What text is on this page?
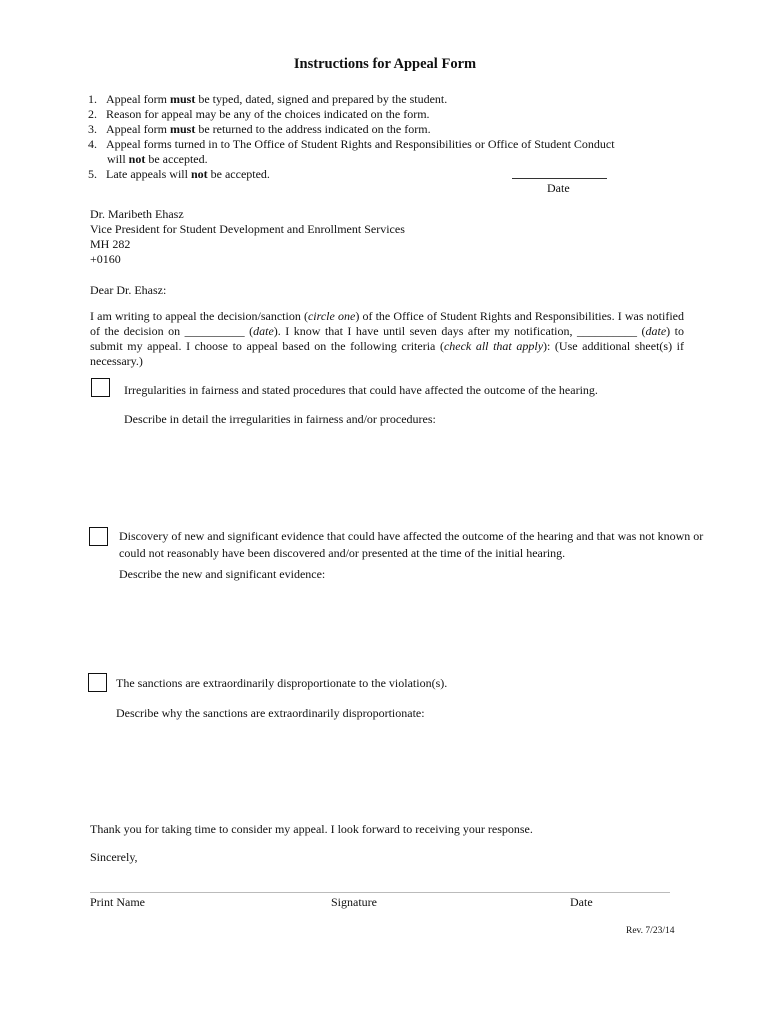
Instructions for Appeal Form
1. Appeal form must be typed, dated, signed and prepared by the student.
2. Reason for appeal may be any of the choices indicated on the form.
3. Appeal form must be returned to the address indicated on the form.
4. Appeal forms turned in to The Office of Student Rights and Responsibilities or Office of Student Conduct
will not be accepted.
5. Late appeals will not be accepted.
Date
Dr. Maribeth Ehasz
Vice President for Student Development and Enrollment Services
MH 282
+0160
Dear Dr. Ehasz:
I am writing to appeal the decision/sanction (circle one) of the Office of Student Rights and Responsibilities. I was notified of the decision on __________ (date). I know that I have until seven days after my notification, __________ (date) to submit my appeal. I choose to appeal based on the following criteria (check all that apply): (Use additional sheet(s) if necessary.)
Irregularities in fairness and stated procedures that could have affected the outcome of the hearing.
Describe in detail the irregularities in fairness and/or procedures:
Discovery of new and significant evidence that could have affected the outcome of the hearing and that was not known or could not reasonably have been discovered and/or presented at the time of the initial hearing.
Describe the new and significant evidence:
The sanctions are extraordinarily disproportionate to the violation(s).
Describe why the sanctions are extraordinarily disproportionate:
Thank you for taking time to consider my appeal. I look forward to receiving your response.
Sincerely,
Print Name	Signature	Date
Rev. 7/23/14
